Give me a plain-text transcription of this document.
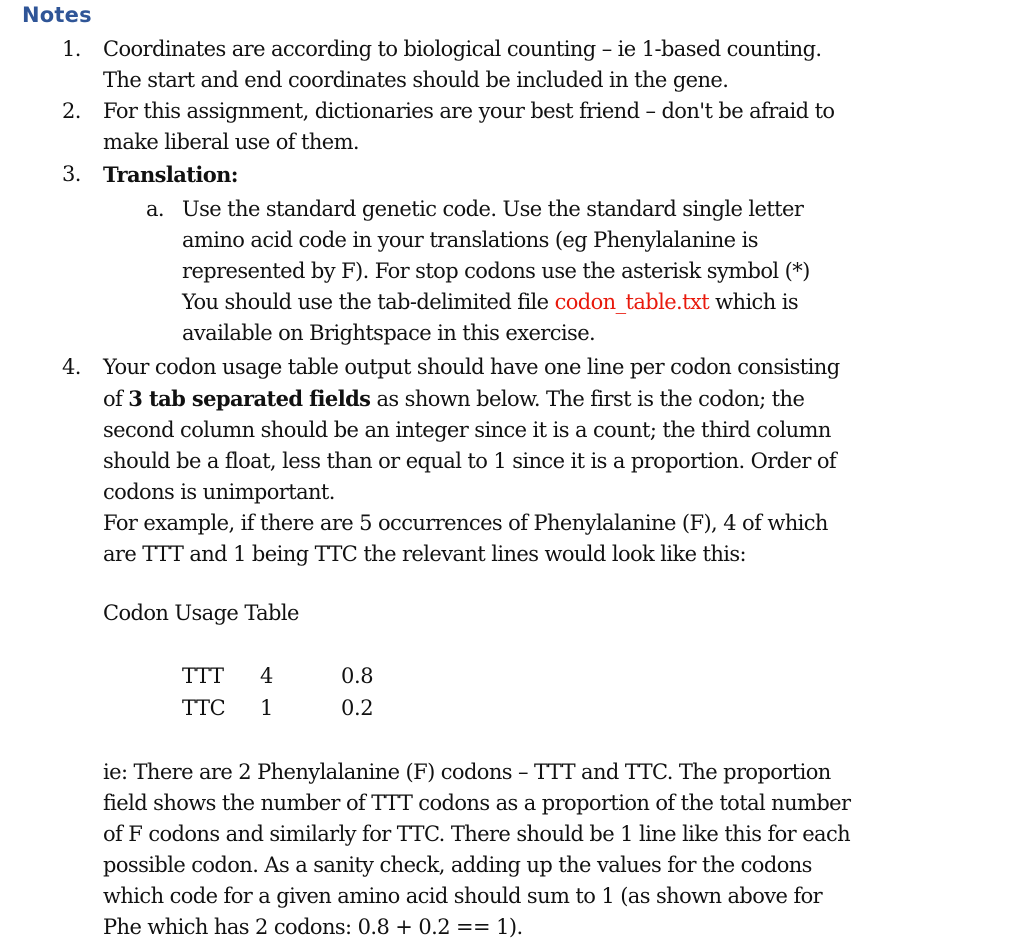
Notes
1. Coordinates are according to biological counting – ie 1-based counting.
The start and end coordinates should be included in the gene.
2. For this assignment, dictionaries are your best friend – don't be afraid to
make liberal use of them.
3. Translation:
a. Use the standard genetic code. Use the standard single letter
amino acid code in your translations (eg Phenylalanine is
represented by F). For stop codons use the asterisk symbol (*)
You should use the tab-delimited file codon_table.txt which is
available on Brightspace in this exercise.
4. Your codon usage table output should have one line per codon consisting
of 3 tab separated fields as shown below. The first is the codon; the
second column should be an integer since it is a count; the third column
should be a float, less than or equal to 1 since it is a proportion. Order of
codons is unimportant.
For example, if there are 5 occurrences of Phenylalanine (F), 4 of which
are TTT and 1 being TTC the relevant lines would look like this:
Codon Usage Table
TTT 4	0.8
TTC 1	0.2
ie: There are 2 Phenylalanine (F) codons – TTT and TTC. The proportion
field shows the number of TTT codons as a proportion of the total number
of F codons and similarly for TTC. There should be 1 line like this for each
possible codon. As a sanity check, adding up the values for the codons
which code for a given amino acid should sum to 1 (as shown above for
Phe which has 2 codons: 0.8 + 0.2 == 1).
